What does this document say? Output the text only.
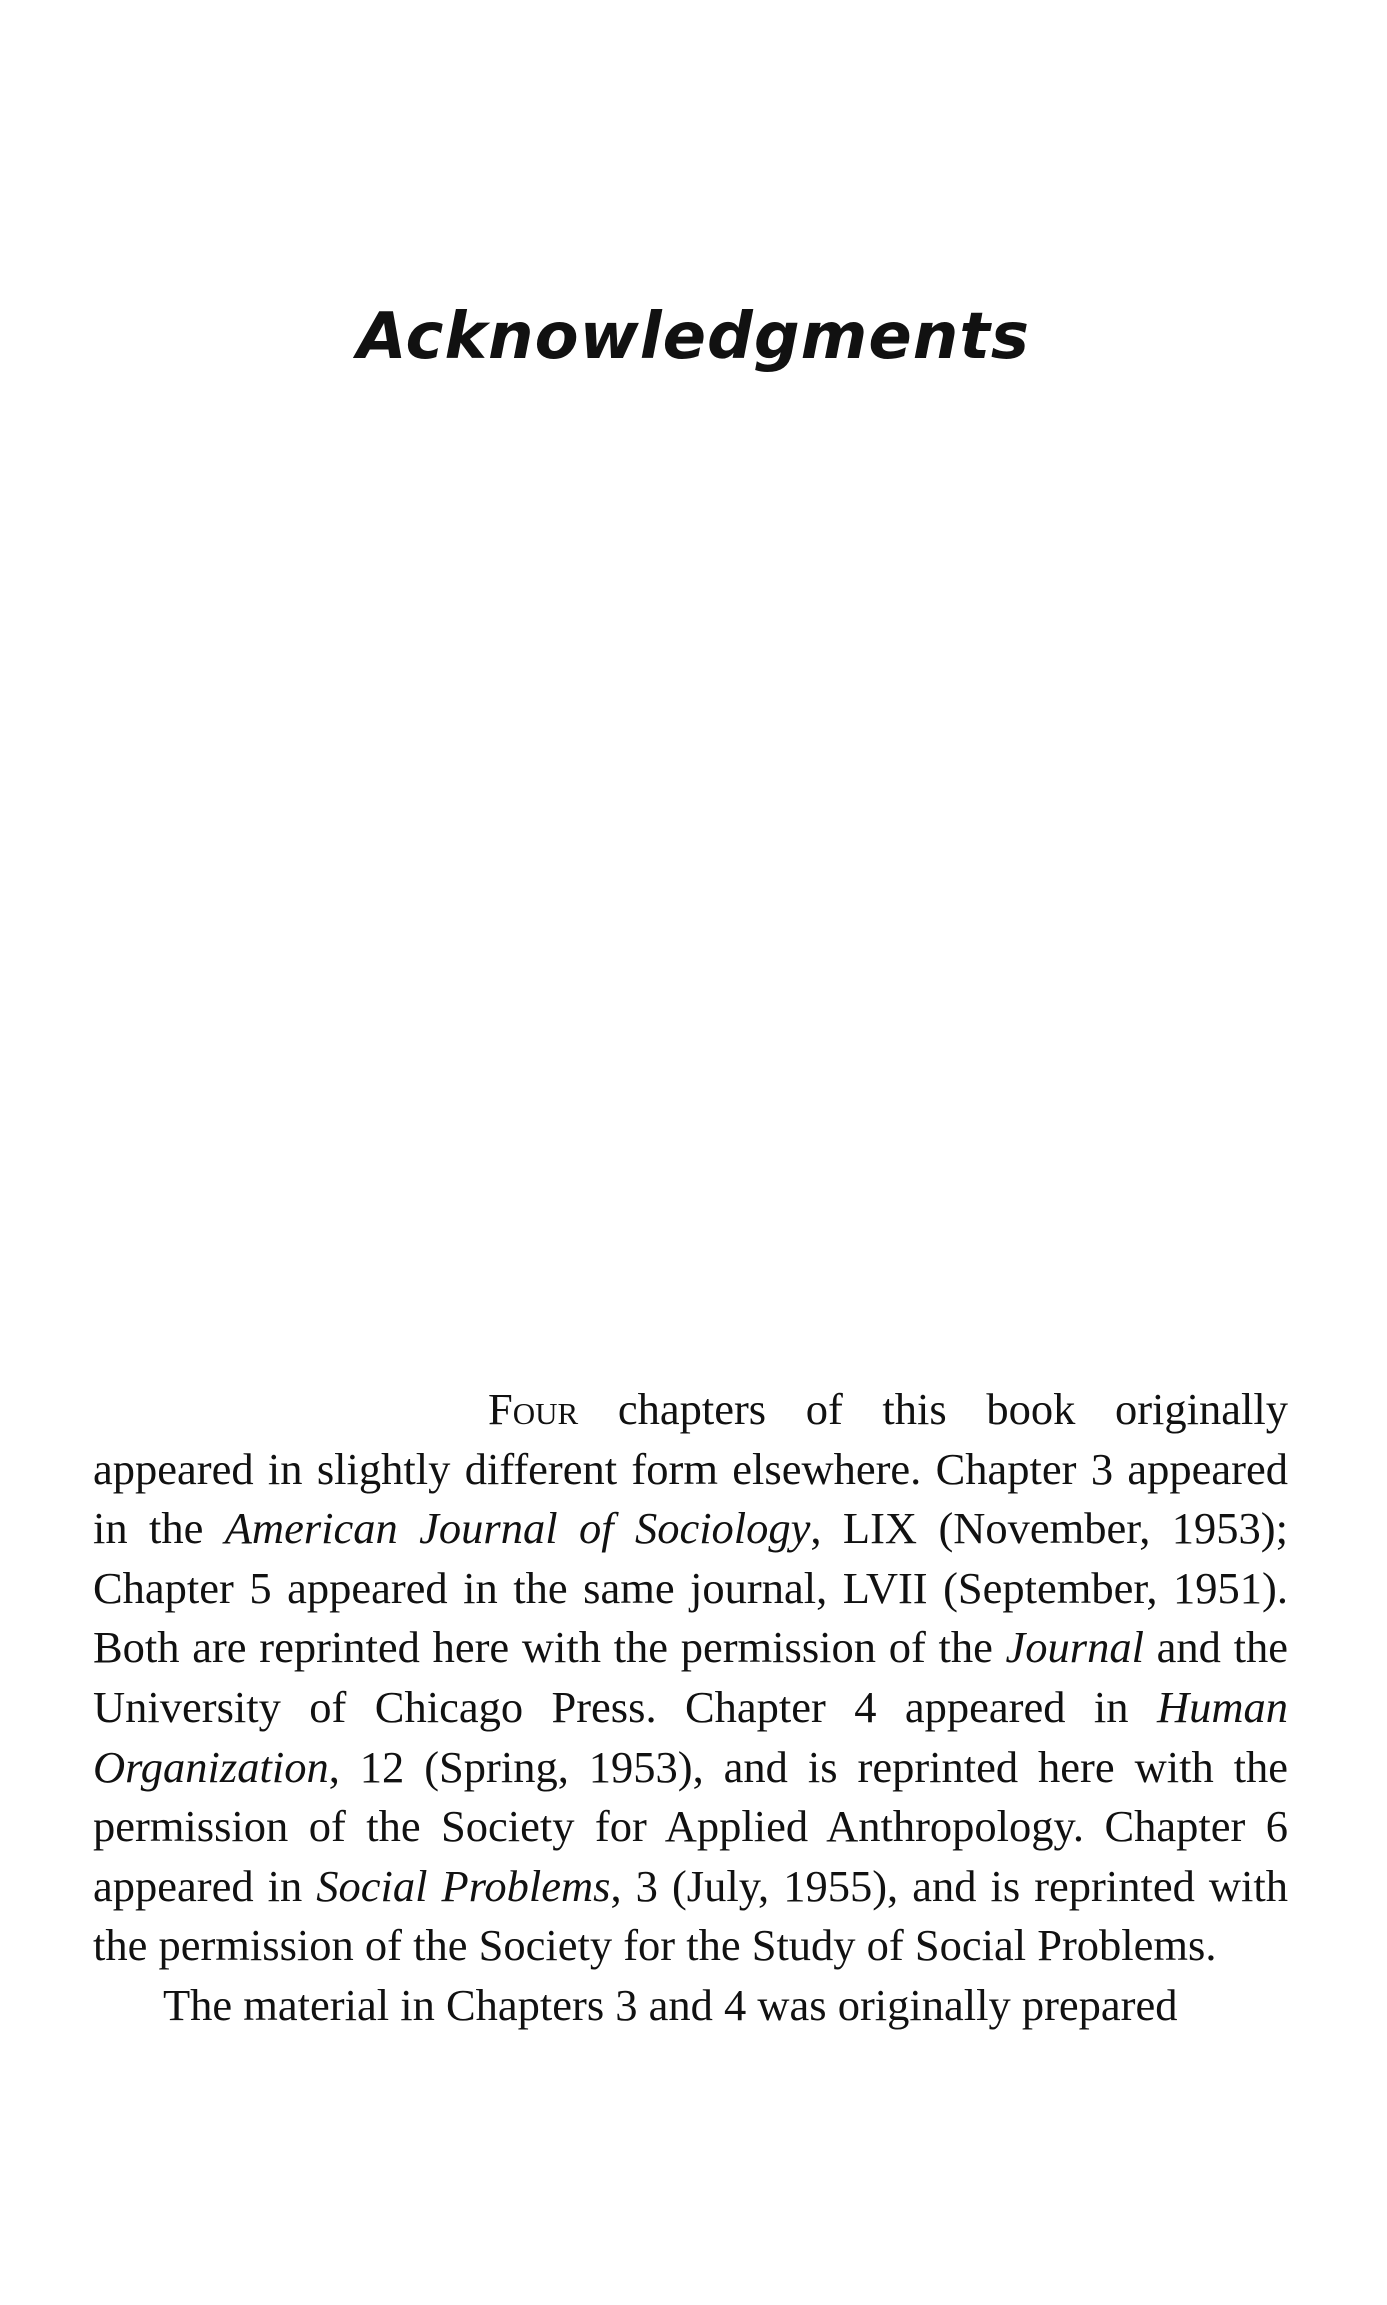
Acknowledgments

Four chapters of this book originally appeared in slightly different form elsewhere. Chapter 3 appeared in the American Journal of Sociology, LIX (November, 1953); Chapter 5 appeared in the same journal, LVII (September, 1951). Both are reprinted here with the permission of the Journal and the University of Chicago Press. Chapter 4 appeared in Human Organization, 12 (Spring, 1953), and is reprinted here with the permission of the Society for Applied Anthropology. Chapter 6 appeared in Social Problems, 3 (July, 1955), and is reprinted with the permission of the Society for the Study of Social Problems.

The material in Chapters 3 and 4 was originally prepared
